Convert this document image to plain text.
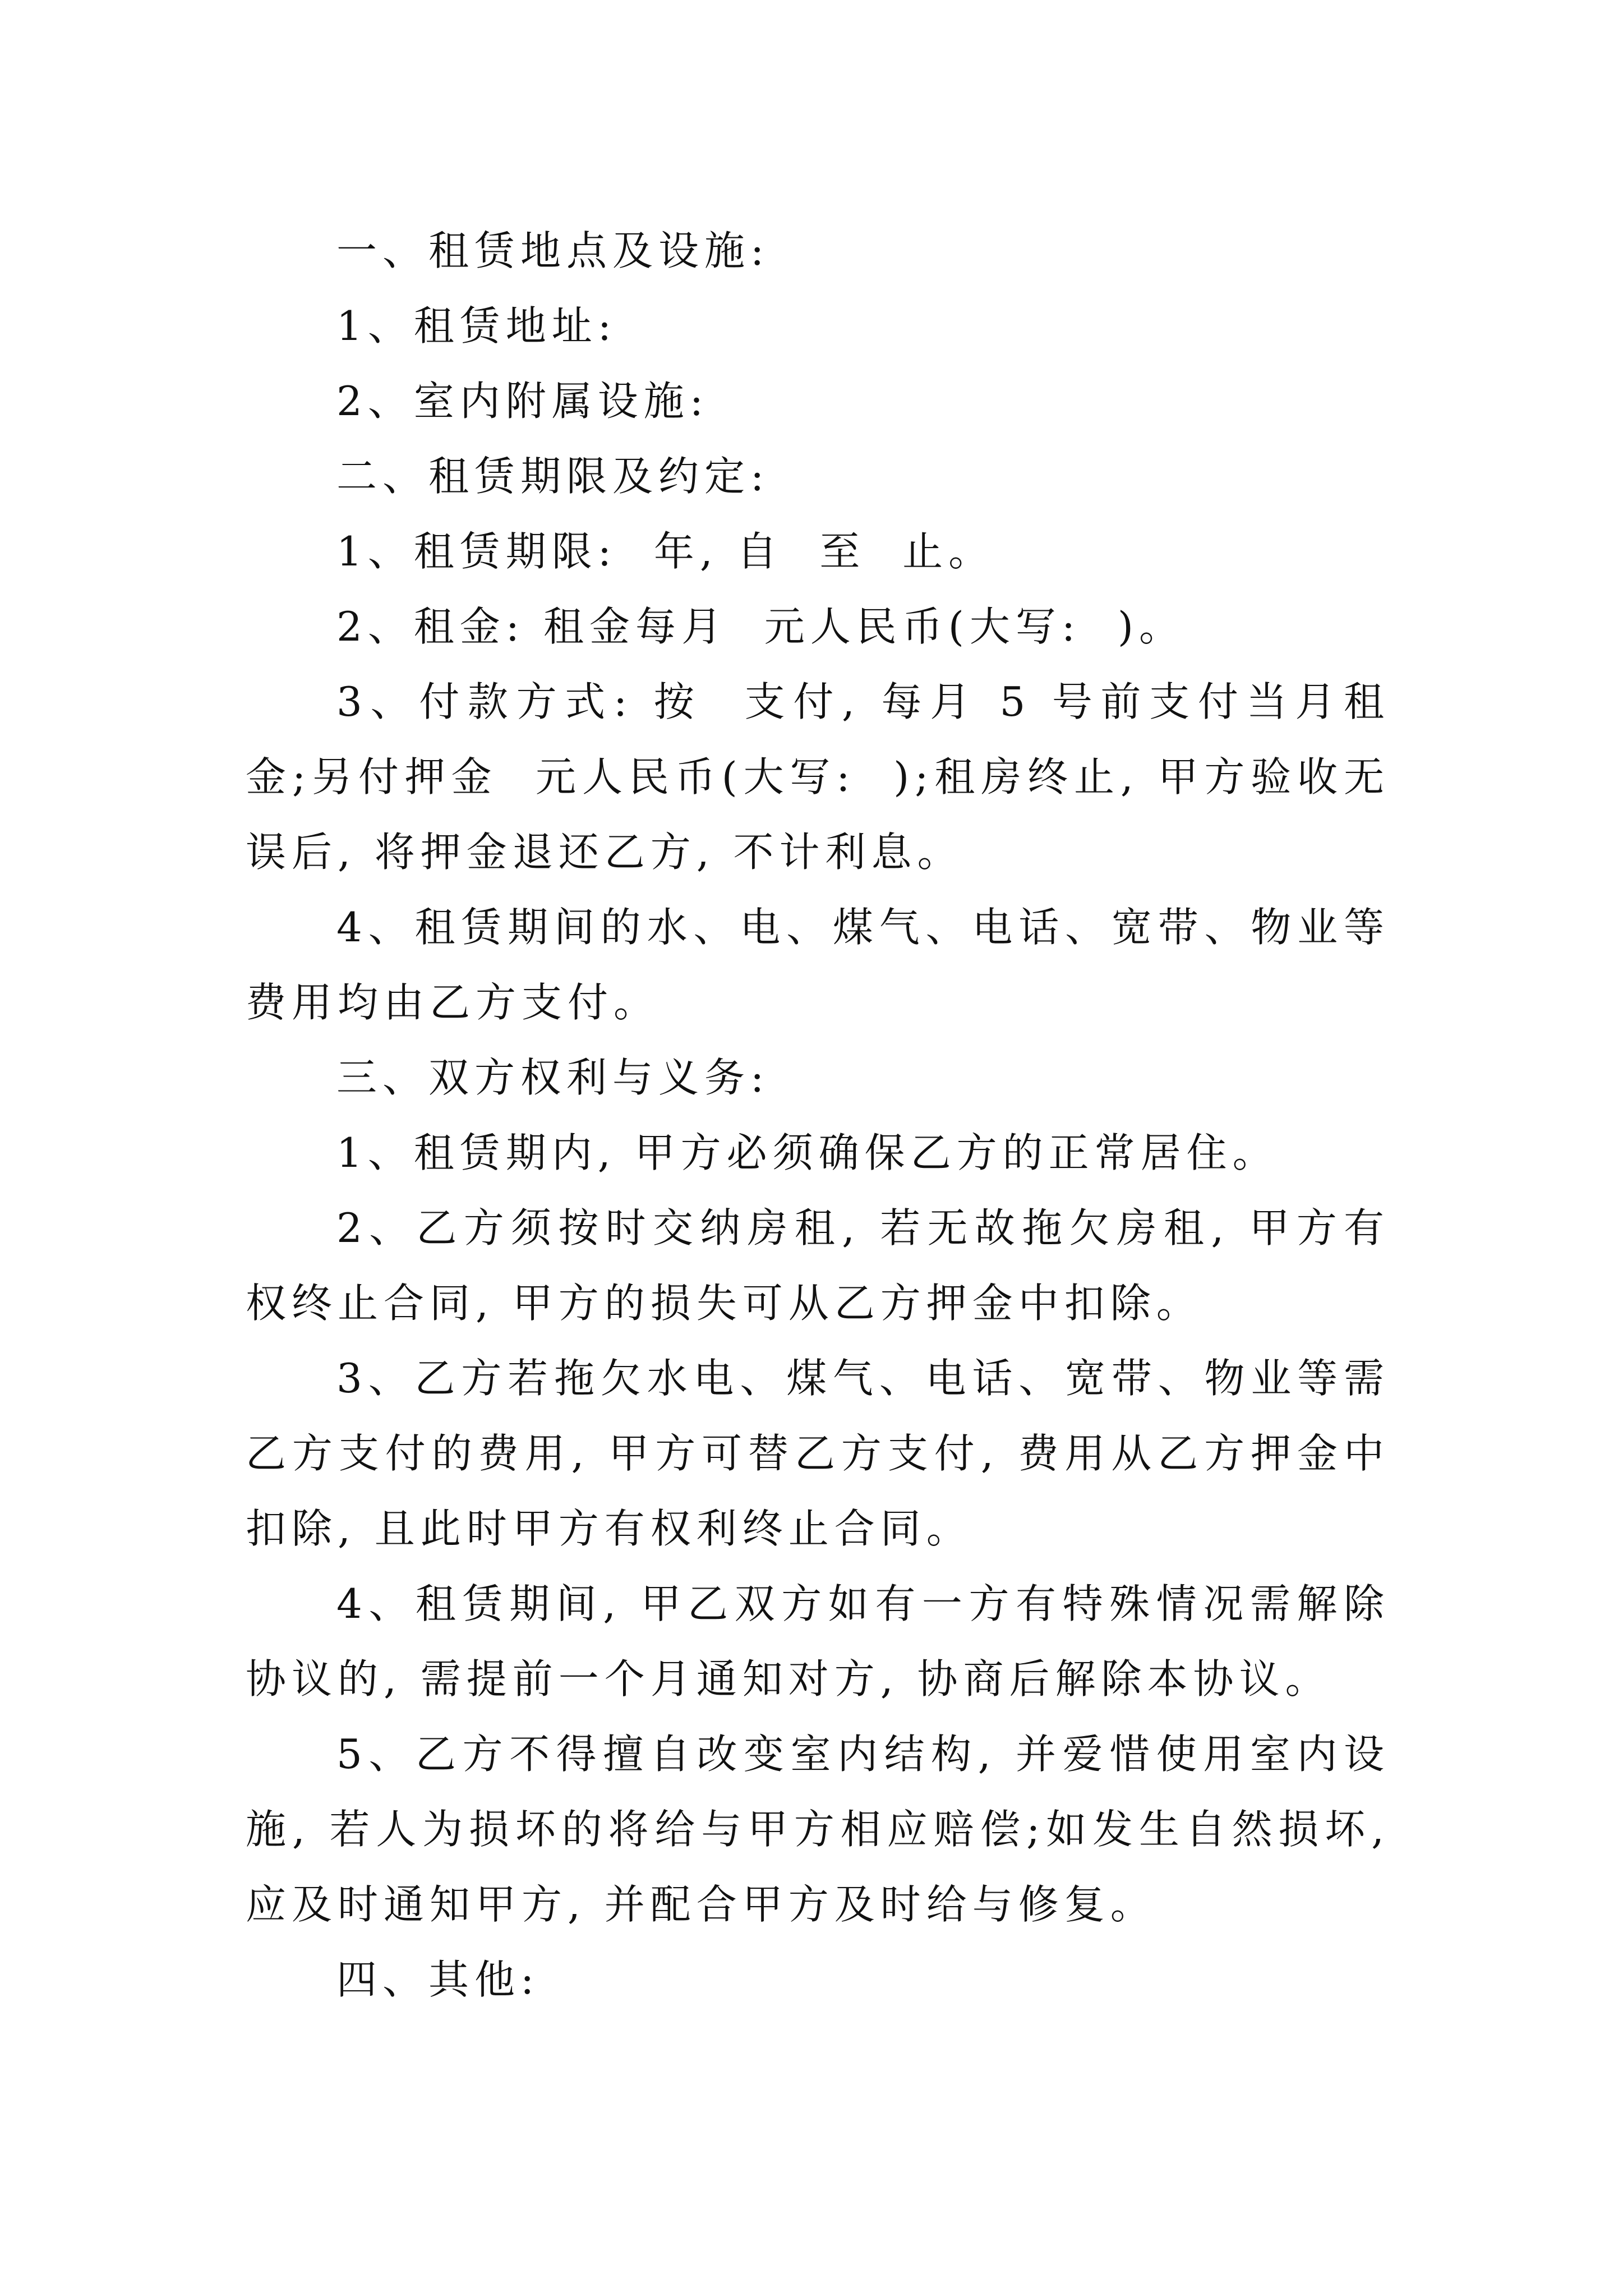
一、租赁地点及设施:

1、租赁地址:

2、室内附属设施:

二、租赁期限及约定:

1、租赁期限:  年, 自  至  止。

2、租金: 租金每月  元人民币(大写:  )。

3、付款方式: 按  支付, 每月 5 号前支付当月租金;另付押金  元人民币(大写:  );租房终止, 甲方验收无误后, 将押金退还乙方, 不计利息。

4、租赁期间的水、电、煤气、电话、宽带、物业等费用均由乙方支付。

三、双方权利与义务:

1、租赁期内, 甲方必须确保乙方的正常居住。

2、乙方须按时交纳房租, 若无故拖欠房租, 甲方有权终止合同, 甲方的损失可从乙方押金中扣除。

3、乙方若拖欠水电、煤气、电话、宽带、物业等需乙方支付的费用, 甲方可替乙方支付, 费用从乙方押金中扣除, 且此时甲方有权利终止合同。

4、租赁期间, 甲乙双方如有一方有特殊情况需解除协议的, 需提前一个月通知对方, 协商后解除本协议。

5、乙方不得擅自改变室内结构, 并爱惜使用室内设施, 若人为损坏的将给与甲方相应赔偿;如发生自然损坏, 应及时通知甲方, 并配合甲方及时给与修复。

四、其他:
